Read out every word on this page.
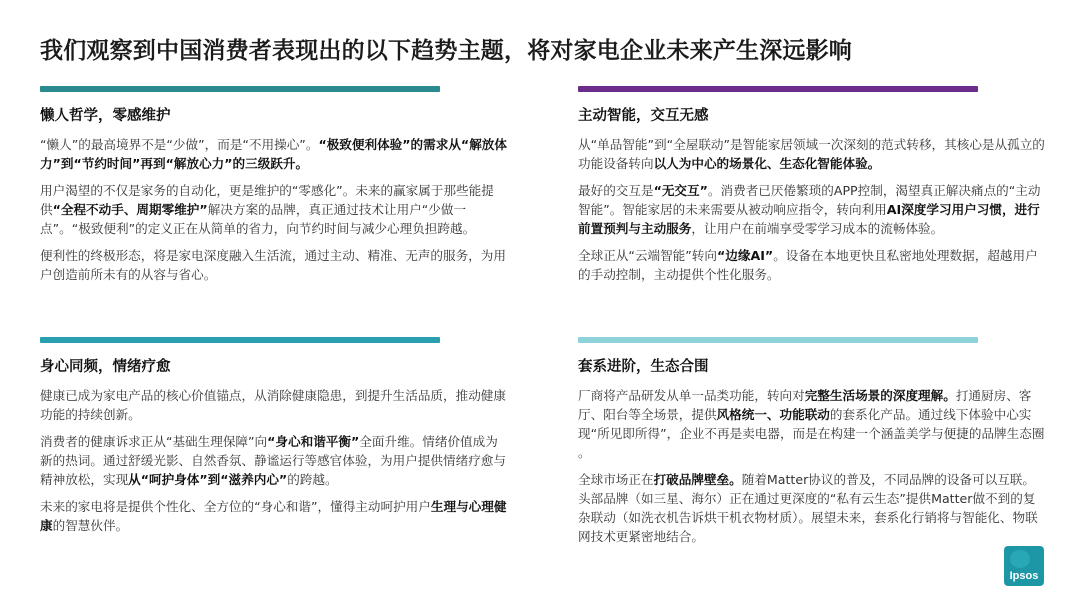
我们观察到中国消费者表现出的以下趋势主题，将对家电企业未来产生深远影响
懒人哲学，零感维护

“懒人”的最高境界不是“少做”，而是“不用操心”。“极致便利体验”的需求从“解放体力”到“节约时间”再到“解放心力”的三级跃升。

用户渴望的不仅是家务的自动化，更是维护的“零感化”。未来的赢家属于那些能提供“全程不动手、周期零维护”解决方案的品牌，真正通过技术让用户“少做一点”。“极致便利”的定义正在从简单的省力，向节约时间与减少心理负担跨越。

便利性的终极形态，将是家电深度融入生活流，通过主动、精准、无声的服务，为用户创造前所未有的从容与省心。

主动智能，交互无感

从“单品智能”到“全屋联动”是智能家居领域一次深刻的范式转移，其核心是从孤立的功能设备转向以人为中心的场景化、生态化智能体验。

最好的交互是“无交互”。消费者已厌倦繁琐的APP控制，渴望真正解决痛点的“主动智能”。智能家居的未来需要从被动响应指令，转向利用AI深度学习用户习惯，进行前置预判与主动服务，让用户在前端享受零学习成本的流畅体验。

全球正从“云端智能”转向“边缘AI”。设备在本地更快且私密地处理数据，超越用户的手动控制，主动提供个性化服务。

身心同频，情绪疗愈

健康已成为家电产品的核心价值锚点，从消除健康隐患，到提升生活品质，推动健康功能的持续创新。

消费者的健康诉求正从“基础生理保障”向“身心和谐平衡”全面升维。情绪价值成为新的热词。通过舒缓光影、自然香氛、静谧运行等感官体验，为用户提供情绪疗愈与精神放松，实现从“呵护身体”到“滋养内心”的跨越。

未来的家电将是提供个性化、全方位的“身心和谐”，懂得主动呵护用户生理与心理健康的智慧伙伴。

套系进阶，生态合围

厂商将产品研发从单一品类功能，转向对完整生活场景的深度理解。打通厨房、客厅、阳台等全场景，提供风格统一、功能联动的套系化产品。通过线下体验中心实现“所见即所得”，企业不再是卖电器，而是在构建一个涵盖美学与便捷的品牌生态圈 。

全球市场正在打破品牌壁垒。随着Matter协议的普及，不同品牌的设备可以互联。头部品牌（如三星、海尔）正在通过更深度的“私有云生态”提供Matter做不到的复杂联动（如洗衣机告诉烘干机衣物材质）。展望未来，套系化行销将与智能化、物联网技术更紧密地结合。

Ipsos
